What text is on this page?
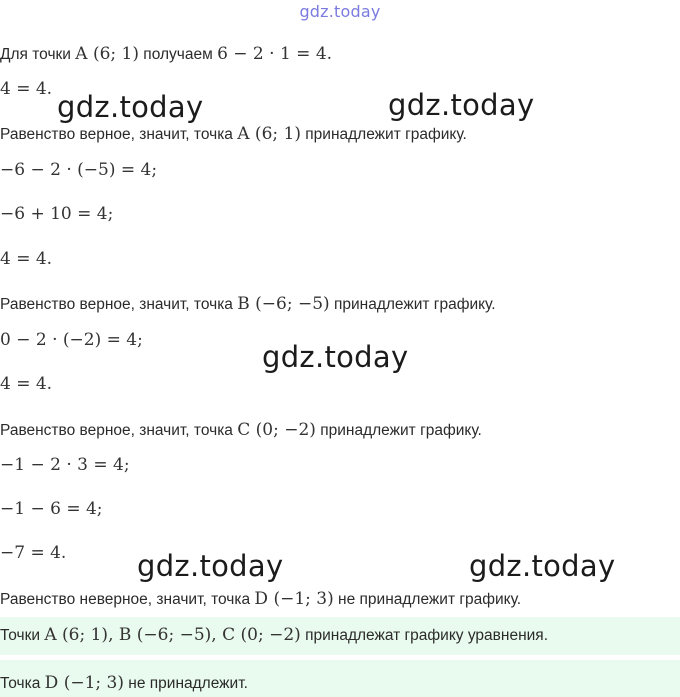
gdz.today
Для точки A (6; 1) получаем 6 − 2 · 1 = 4.
4 = 4.
Равенство верное, значит, точка A (6; 1) принадлежит графику.
−6 − 2 · (−5) = 4;
−6 + 10 = 4;
4 = 4.
Равенство верное, значит, точка B (−6; −5) принадлежит графику.
0 − 2 · (−2) = 4;
4 = 4.
Равенство верное, значит, точка C (0; −2) принадлежит графику.
−1 − 2 · 3 = 4;
−1 − 6 = 4;
−7 = 4.
Равенство неверное, значит, точка D (−1; 3) не принадлежит графику.
Точки A (6; 1), B (−6; −5), C (0; −2) принадлежат графику уравнения.
Точка D (−1; 3) не принадлежит.
gdz.today	gdz.today
gdz.today
gdz.today	gdz.today
